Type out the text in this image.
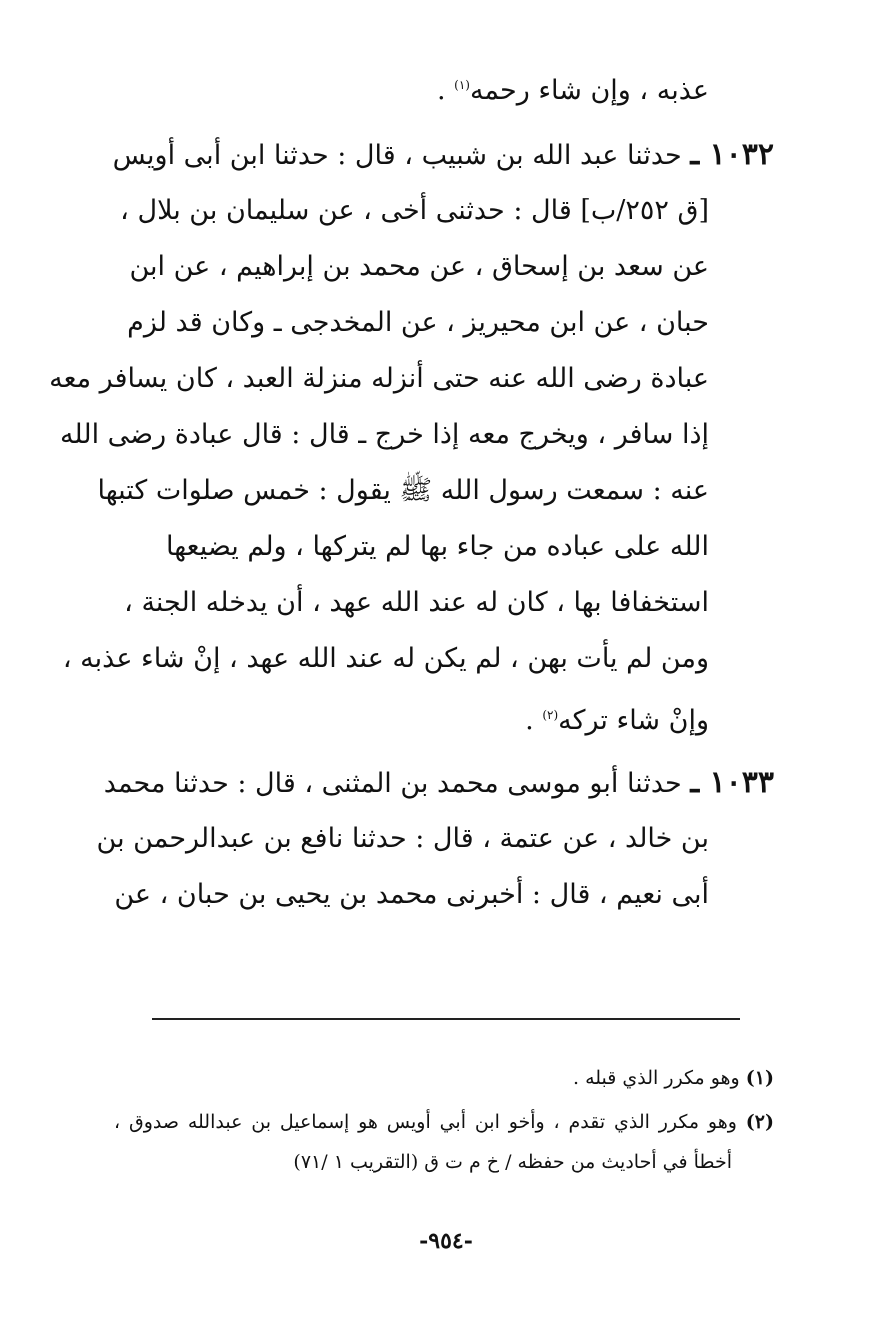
عذبه ، وإن شاء رحمه$^{(١)}$ .
١٠٣٢ ـ حدثنا عبد الله بن شبيب ، قال : حدثنا ابن أبى أويس
[ق ٢٥٢/ب] قال : حدثنى أخى ، عن سليمان بن بلال ،
عن سعد بن إسحاق ، عن محمد بن إبراهيم ، عن ابن
حبان ، عن ابن محيريز ، عن المخدجى ـ وكان قد لزم
عبادة رضى الله عنه حتى أنزله منزلة العبد ، كان يسافر معه
إذا سافر ، ويخرج معه إذا خرج ـ قال : قال عبادة رضى الله
عنه : سمعت رسول الله ﷺ يقول : خمس صلوات كتبها
الله على عباده من جاء بها لم يتركها ، ولم يضيعها
استخفافا بها ، كان له عند الله عهد ، أن يدخله الجنة ،
ومن لم يأت بهن ، لم يكن له عند الله عهد ، إنْ شاء عذبه ،
وإنْ شاء تركه$^{(٢)}$ .
١٠٣٣ ـ حدثنا أبو موسى محمد بن المثنى ، قال : حدثنا محمد
بن خالد ، عن عتمة ، قال : حدثنا نافع بن عبدالرحمن بن
أبى نعيم ، قال : أخبرنى محمد بن يحيى بن حبان ، عن
(١) وهو مكرر الذي قبله .
(٢) وهو مكرر الذي تقدم ، وأخو ابن أبي أويس هو إسماعيل بن عبدالله صدوق ،
أخطأ في أحاديث من حفظه / خ م ت ق (التقريب ١ /٧١)
-٩٥٤-
